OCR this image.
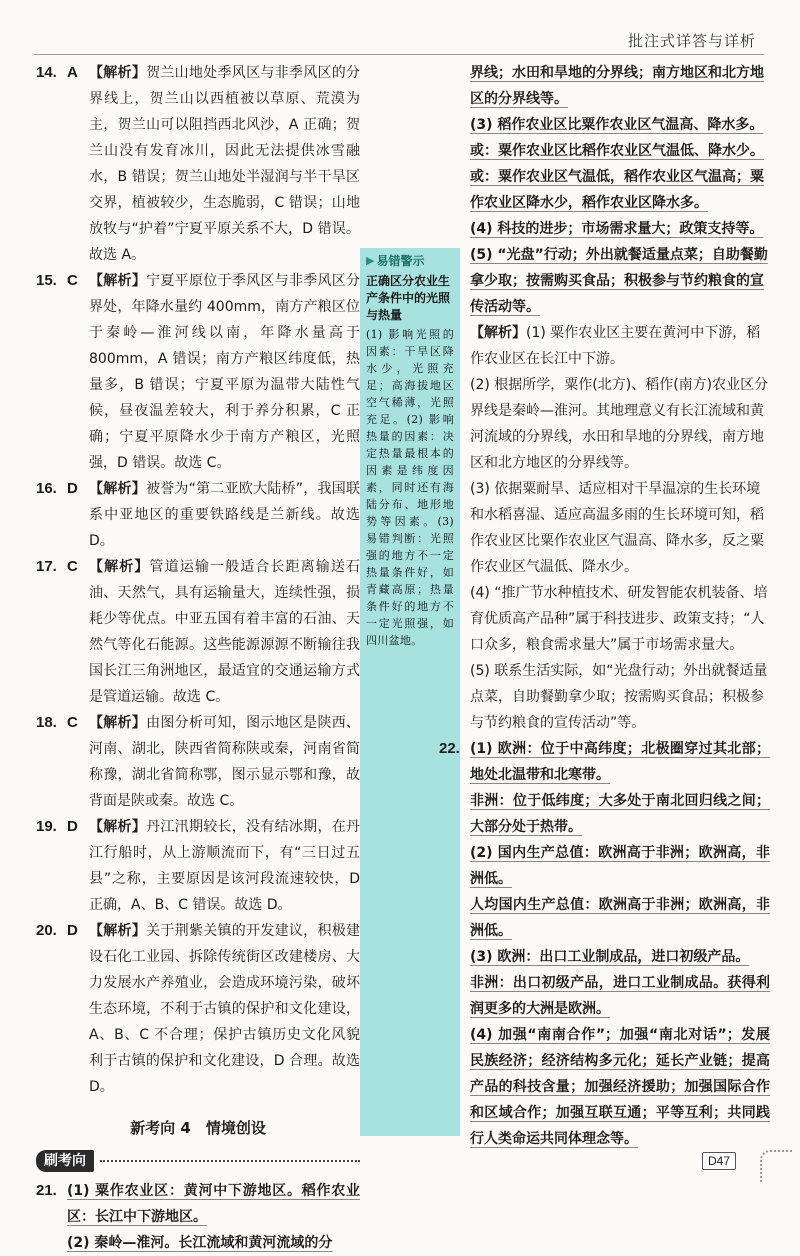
批注式详答与详析
14. A 【解析】贺兰山地处季风区与非季风区的分界线上，贺兰山以西植被以草原、荒漠为主，贺兰山可以阻挡西北风沙，A 正确；贺兰山没有发育冰川，因此无法提供冰雪融水，B 错误；贺兰山地处半湿润与半干旱区交界，植被较少，生态脆弱，C 错误；山地放牧与“护着”宁夏平原关系不大，D 错误。故选 A。
15. C 【解析】宁夏平原位于季风区与非季风区分界处，年降水量约 400mm，南方产粮区位于秦岭—淮河线以南，年降水量高于 800mm，A 错误；南方产粮区纬度低，热量多，B 错误；宁夏平原为温带大陆性气候，昼夜温差较大，利于养分积累，C 正确；宁夏平原降水少于南方产粮区，光照强，D 错误。故选 C。
16. D 【解析】被誉为“第二亚欧大陆桥”，我国联系中亚地区的重要铁路线是兰新线。故选 D。
17. C 【解析】管道运输一般适合长距离输送石油、天然气，具有运输量大，连续性强，损耗少等优点。中亚五国有着丰富的石油、天然气等化石能源。这些能源源源不断输往我国长江三角洲地区，最适宜的交通运输方式是管道运输。故选 C。
18. C 【解析】由图分析可知，图示地区是陕西、河南、湖北，陕西省简称陕或秦，河南省简称豫，湖北省简称鄂，图示显示鄂和豫，故背面是陕或秦。故选 C。
19. D 【解析】丹江汛期较长，没有结冰期，在丹江行船时，从上游顺流而下，有“三日过五县”之称，主要原因是该河段流速较快，D 正确，A、B、C 错误。故选 D。
20. D 【解析】关于荆紫关镇的开发建议，积极建设石化工业园、拆除传统街区改建楼房、大力发展水产养殖业，会造成环境污染，破坏生态环境，不利于古镇的保护和文化建设，A、B、C 不合理；保护古镇历史文化风貌利于古镇的保护和文化建设，D 合理。故选 D。
新考向 4　情境创设
刷考向
21. (1) 粟作农业区：黄河中下游地区。稻作农业区：长江中下游地区。
(2) 秦岭—淮河。长江流域和黄河流域的分
▶ 易错警示
正确区分农业生产条件中的光照与热量
(1) 影响光照的因素：干旱区降水少，光照充足；高海拔地区空气稀薄，光照充足。(2) 影响热量的因素：决定热量最根本的因素是纬度因素，同时还有海陆分布、地形地势等因素。(3) 易错判断：光照强的地方不一定热量条件好，如青藏高原；热量条件好的地方不一定光照强，如四川盆地。

界线；水田和旱地的分界线；南方地区和北方地区的分界线等。

(3) 稻作农业区比粟作农业区气温高、降水多。或：粟作农业区比稻作农业区气温低、降水少。或：粟作农业区气温低，稻作农业区气温高；粟作农业区降水少，稻作农业区降水多。

(4) 科技的进步；市场需求量大；政策支持等。

(5) “光盘”行动；外出就餐适量点菜；自助餐勤拿少取；按需购买食品；积极参与节约粮食的宣传活动等。

【解析】(1) 粟作农业区主要在黄河中下游，稻作农业区在长江中下游。

(2) 根据所学，粟作(北方)、稻作(南方)农业区分界线是秦岭—淮河。其地理意义有长江流域和黄河流域的分界线，水田和旱地的分界线，南方地区和北方地区的分界线等。

(3) 依据粟耐旱、适应相对干旱温凉的生长环境和水稻喜湿、适应高温多雨的生长环境可知，稻作农业区比粟作农业区气温高、降水多，反之粟作农业区气温低、降水少。

(4) “推广节水种植技术、研发智能农机装备、培育优质高产品种”属于科技进步、政策支持；“人口众多，粮食需求量大”属于市场需求量大。

(5) 联系生活实际，如“光盘行动；外出就餐适量点菜，自助餐勤拿少取；按需购买食品；积极参与节约粮食的宣传活动”等。

22. (1) 欧洲：位于中高纬度；北极圈穿过其北部；地处北温带和北寒带。
非洲：位于低纬度；大多处于南北回归线之间；大部分处于热带。
(2) 国内生产总值：欧洲高于非洲；欧洲高，非洲低。
人均国内生产总值：欧洲高于非洲；欧洲高，非洲低。
(3) 欧洲：出口工业制成品，进口初级产品。
非洲：出口初级产品，进口工业制成品。获得利润更多的大洲是欧洲。
(4) 加强“南南合作”；加强“南北对话”；发展民族经济；经济结构多元化；延长产业链；提高产品的科技含量；加强经济援助；加强国际合作和区域合作；加强互联互通；平等互利；共同践行人类命运共同体理念等。
D47
